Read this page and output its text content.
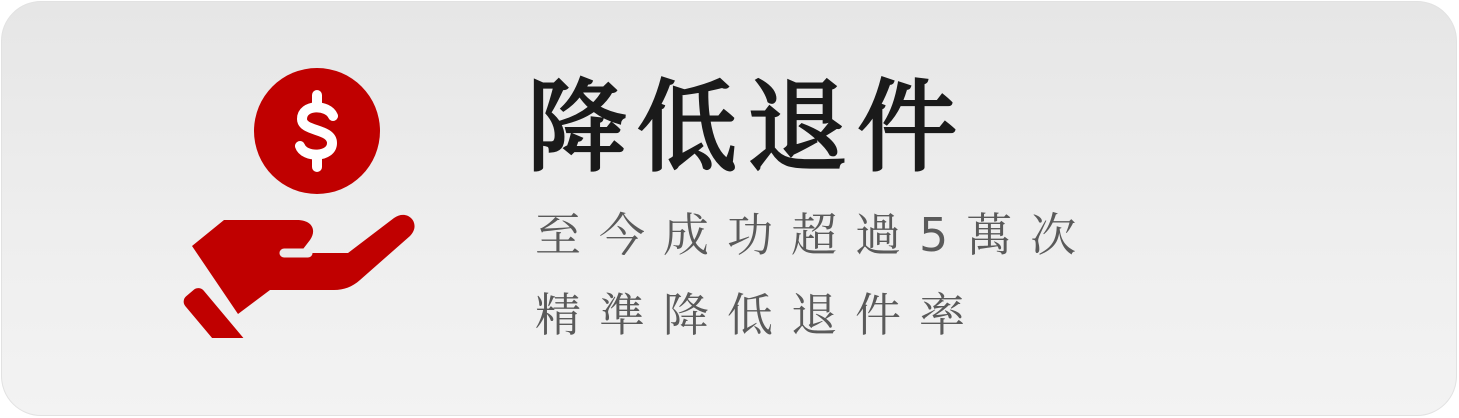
降低退件

至今成功超過5萬次

精準降低退件率
